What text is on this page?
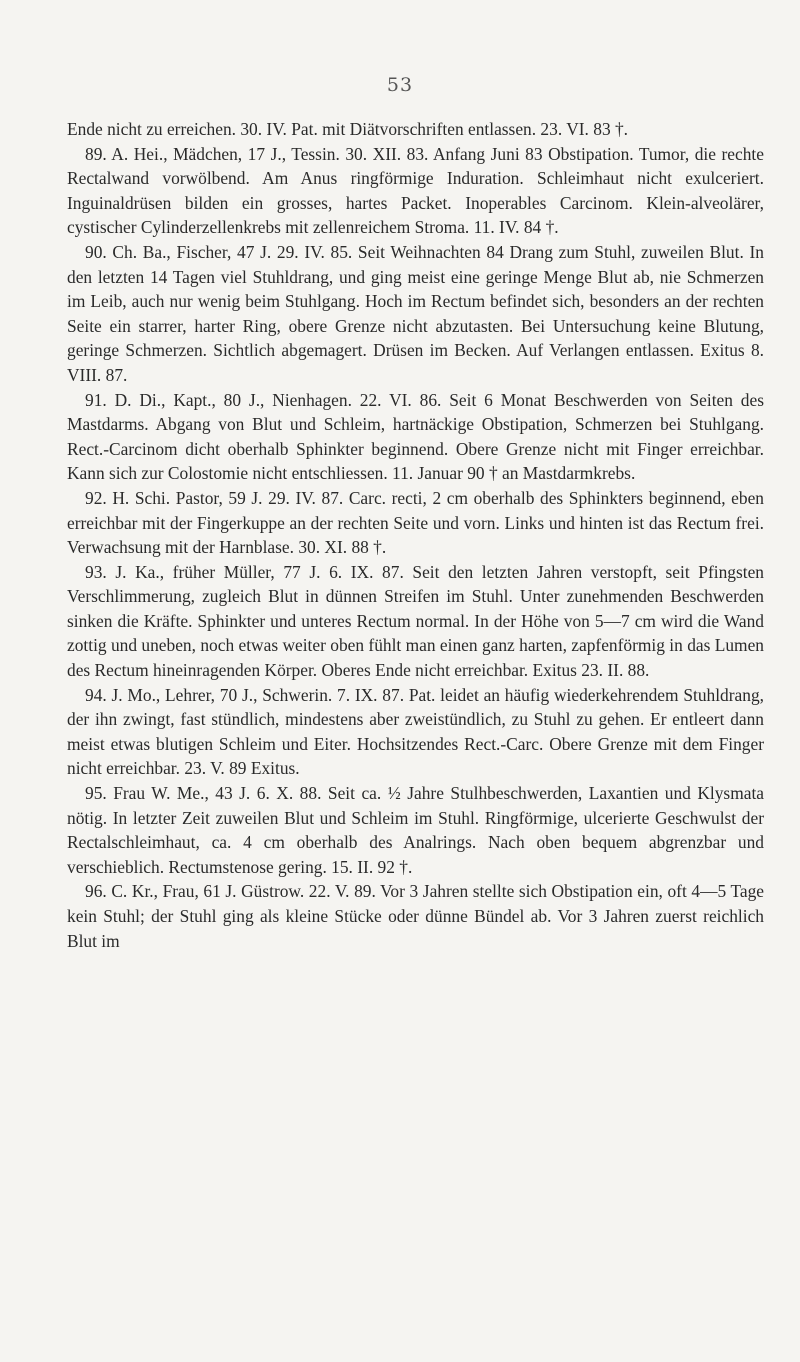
53

Ende nicht zu erreichen. 30. IV. Pat. mit Diätvorschriften entlassen. 23. VI. 83 †.

89. A. Hei., Mädchen, 17 J., Tessin. 30. XII. 83. Anfang Juni 83 Obstipation. Tumor, die rechte Rectalwand vorwölbend. Am Anus ringförmige Induration. Schleimhaut nicht exulceriert. Inguinaldrüsen bilden ein grosses, hartes Packet. Inoperables Carcinom. Klein-alveolärer, cystischer Cylinderzellenkrebs mit zellenreichem Stroma. 11. IV. 84 †.

90. Ch. Ba., Fischer, 47 J. 29. IV. 85. Seit Weihnachten 84 Drang zum Stuhl, zuweilen Blut. In den letzten 14 Tagen viel Stuhldrang, und ging meist eine geringe Menge Blut ab, nie Schmerzen im Leib, auch nur wenig beim Stuhlgang. Hoch im Rectum befindet sich, besonders an der rechten Seite ein starrer, harter Ring, obere Grenze nicht abzutasten. Bei Untersuchung keine Blutung, geringe Schmerzen. Sichtlich abgemagert. Drüsen im Becken. Auf Verlangen entlassen. Exitus 8. VIII. 87.

91. D. Di., Kapt., 80 J., Nienhagen. 22. VI. 86. Seit 6 Monat Beschwerden von Seiten des Mastdarms. Abgang von Blut und Schleim, hartnäckige Obstipation, Schmerzen bei Stuhlgang. Rect.-Carcinom dicht oberhalb Sphinkter beginnend. Obere Grenze nicht mit Finger erreichbar. Kann sich zur Colostomie nicht entschliessen. 11. Januar 90 † an Mastdarmkrebs.

92. H. Schi. Pastor, 59 J. 29. IV. 87. Carc. recti, 2 cm oberhalb des Sphinkters beginnend, eben erreichbar mit der Fingerkuppe an der rechten Seite und vorn. Links und hinten ist das Rectum frei. Verwachsung mit der Harnblase. 30. XI. 88 †.

93. J. Ka., früher Müller, 77 J. 6. IX. 87. Seit den letzten Jahren verstopft, seit Pfingsten Verschlimmerung, zugleich Blut in dünnen Streifen im Stuhl. Unter zunehmenden Beschwerden sinken die Kräfte. Sphinkter und unteres Rectum normal. In der Höhe von 5—7 cm wird die Wand zottig und uneben, noch etwas weiter oben fühlt man einen ganz harten, zapfenförmig in das Lumen des Rectum hineinragenden Körper. Oberes Ende nicht erreichbar. Exitus 23. II. 88.

94. J. Mo., Lehrer, 70 J., Schwerin. 7. IX. 87. Pat. leidet an häufig wiederkehrendem Stuhldrang, der ihn zwingt, fast stündlich, mindestens aber zweistündlich, zu Stuhl zu gehen. Er entleert dann meist etwas blutigen Schleim und Eiter. Hochsitzendes Rect.-Carc. Obere Grenze mit dem Finger nicht erreichbar. 23. V. 89 Exitus.

95. Frau W. Me., 43 J. 6. X. 88. Seit ca. ½ Jahre Stulhbeschwerden, Laxantien und Klysmata nötig. In letzter Zeit zuweilen Blut und Schleim im Stuhl. Ringförmige, ulcerierte Geschwulst der Rectalschleimhaut, ca. 4 cm oberhalb des Analrings. Nach oben bequem abgrenzbar und verschieblich. Rectumstenose gering. 15. II. 92 †.

96. C. Kr., Frau, 61 J. Güstrow. 22. V. 89. Vor 3 Jahren stellte sich Obstipation ein, oft 4—5 Tage kein Stuhl; der Stuhl ging als kleine Stücke oder dünne Bündel ab. Vor 3 Jahren zuerst reichlich Blut im
